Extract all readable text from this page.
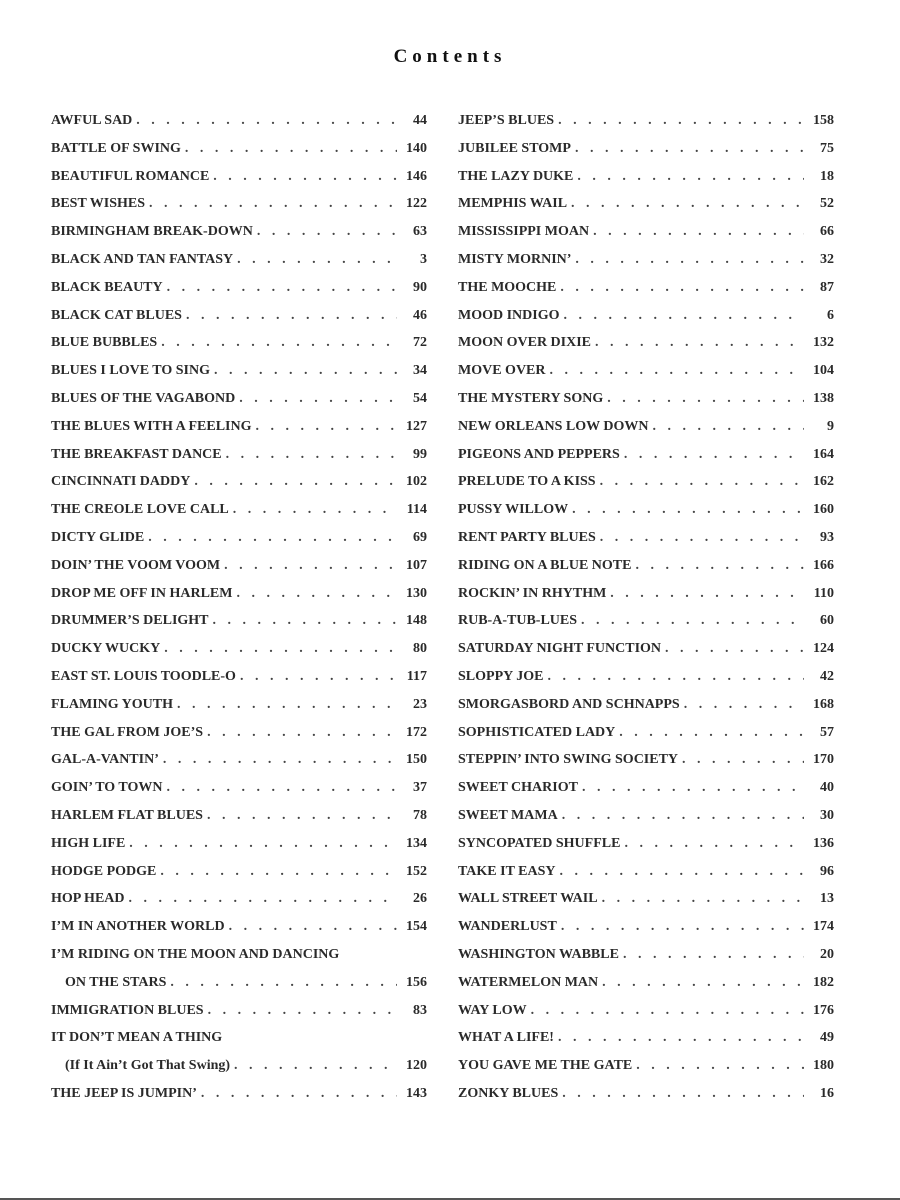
Contents
AWFUL SAD . . .	44
BATTLE OF SWING . . .	140
BEAUTIFUL ROMANCE . . .	146
BEST WISHES . . .	122
BIRMINGHAM BREAK-DOWN . . .	63
BLACK AND TAN FANTASY . . .	3
BLACK BEAUTY . . .	90
BLACK CAT BLUES . . .	46
BLUE BUBBLES . . .	72
BLUES I LOVE TO SING . . .	34
BLUES OF THE VAGABOND . . .	54
THE BLUES WITH A FEELING . . .	127
THE BREAKFAST DANCE . . .	99
CINCINNATI DADDY . . .	102
THE CREOLE LOVE CALL . . .	114
DICTY GLIDE . . .	69
DOIN’ THE VOOM VOOM . . .	107
DROP ME OFF IN HARLEM . . .	130
DRUMMER’S DELIGHT . . .	148
DUCKY WUCKY . . .	80
EAST ST. LOUIS TOODLE-O . . .	117
FLAMING YOUTH . . .	23
THE GAL FROM JOE’S . . .	172
GAL-A-VANTIN’ . . .	150
GOIN’ TO TOWN . . .	37
HARLEM FLAT BLUES . . .	78
HIGH LIFE . . .	134
HODGE PODGE . . .	152
HOP HEAD . . .	26
I’M IN ANOTHER WORLD . . .	154
I’M RIDING ON THE MOON AND DANCING
ON THE STARS . . .	156
IMMIGRATION BLUES . . .	83
IT DON’T MEAN A THING
(If It Ain’t Got That Swing) . . .	120
THE JEEP IS JUMPIN’ . . .	143
JEEP’S BLUES . . .	158
JUBILEE STOMP . . .	75
THE LAZY DUKE . . .	18
MEMPHIS WAIL . . .	52
MISSISSIPPI MOAN . . .	66
MISTY MORNIN’ . . .	32
THE MOOCHE . . .	87
MOOD INDIGO . . .	6
MOON OVER DIXIE . . .	132
MOVE OVER . . .	104
THE MYSTERY SONG . . .	138
NEW ORLEANS LOW DOWN . . .	9
PIGEONS AND PEPPERS . . .	164
PRELUDE TO A KISS . . .	162
PUSSY WILLOW . . .	160
RENT PARTY BLUES . . .	93
RIDING ON A BLUE NOTE . . .	166
ROCKIN’ IN RHYTHM . . .	110
RUB-A-TUB-LUES . . .	60
SATURDAY NIGHT FUNCTION . . .	124
SLOPPY JOE . . .	42
SMORGASBORD AND SCHNAPPS . . .	168
SOPHISTICATED LADY . . .	57
STEPPIN’ INTO SWING SOCIETY . . .	170
SWEET CHARIOT . . .	40
SWEET MAMA . . .	30
SYNCOPATED SHUFFLE . . .	136
TAKE IT EASY . . .	96
WALL STREET WAIL . . .	13
WANDERLUST . . .	174
WASHINGTON WABBLE . . .	20
WATERMELON MAN . . .	182
WAY LOW . . .	176
WHAT A LIFE! . . .	49
YOU GAVE ME THE GATE . . .	180
ZONKY BLUES . . .	16
